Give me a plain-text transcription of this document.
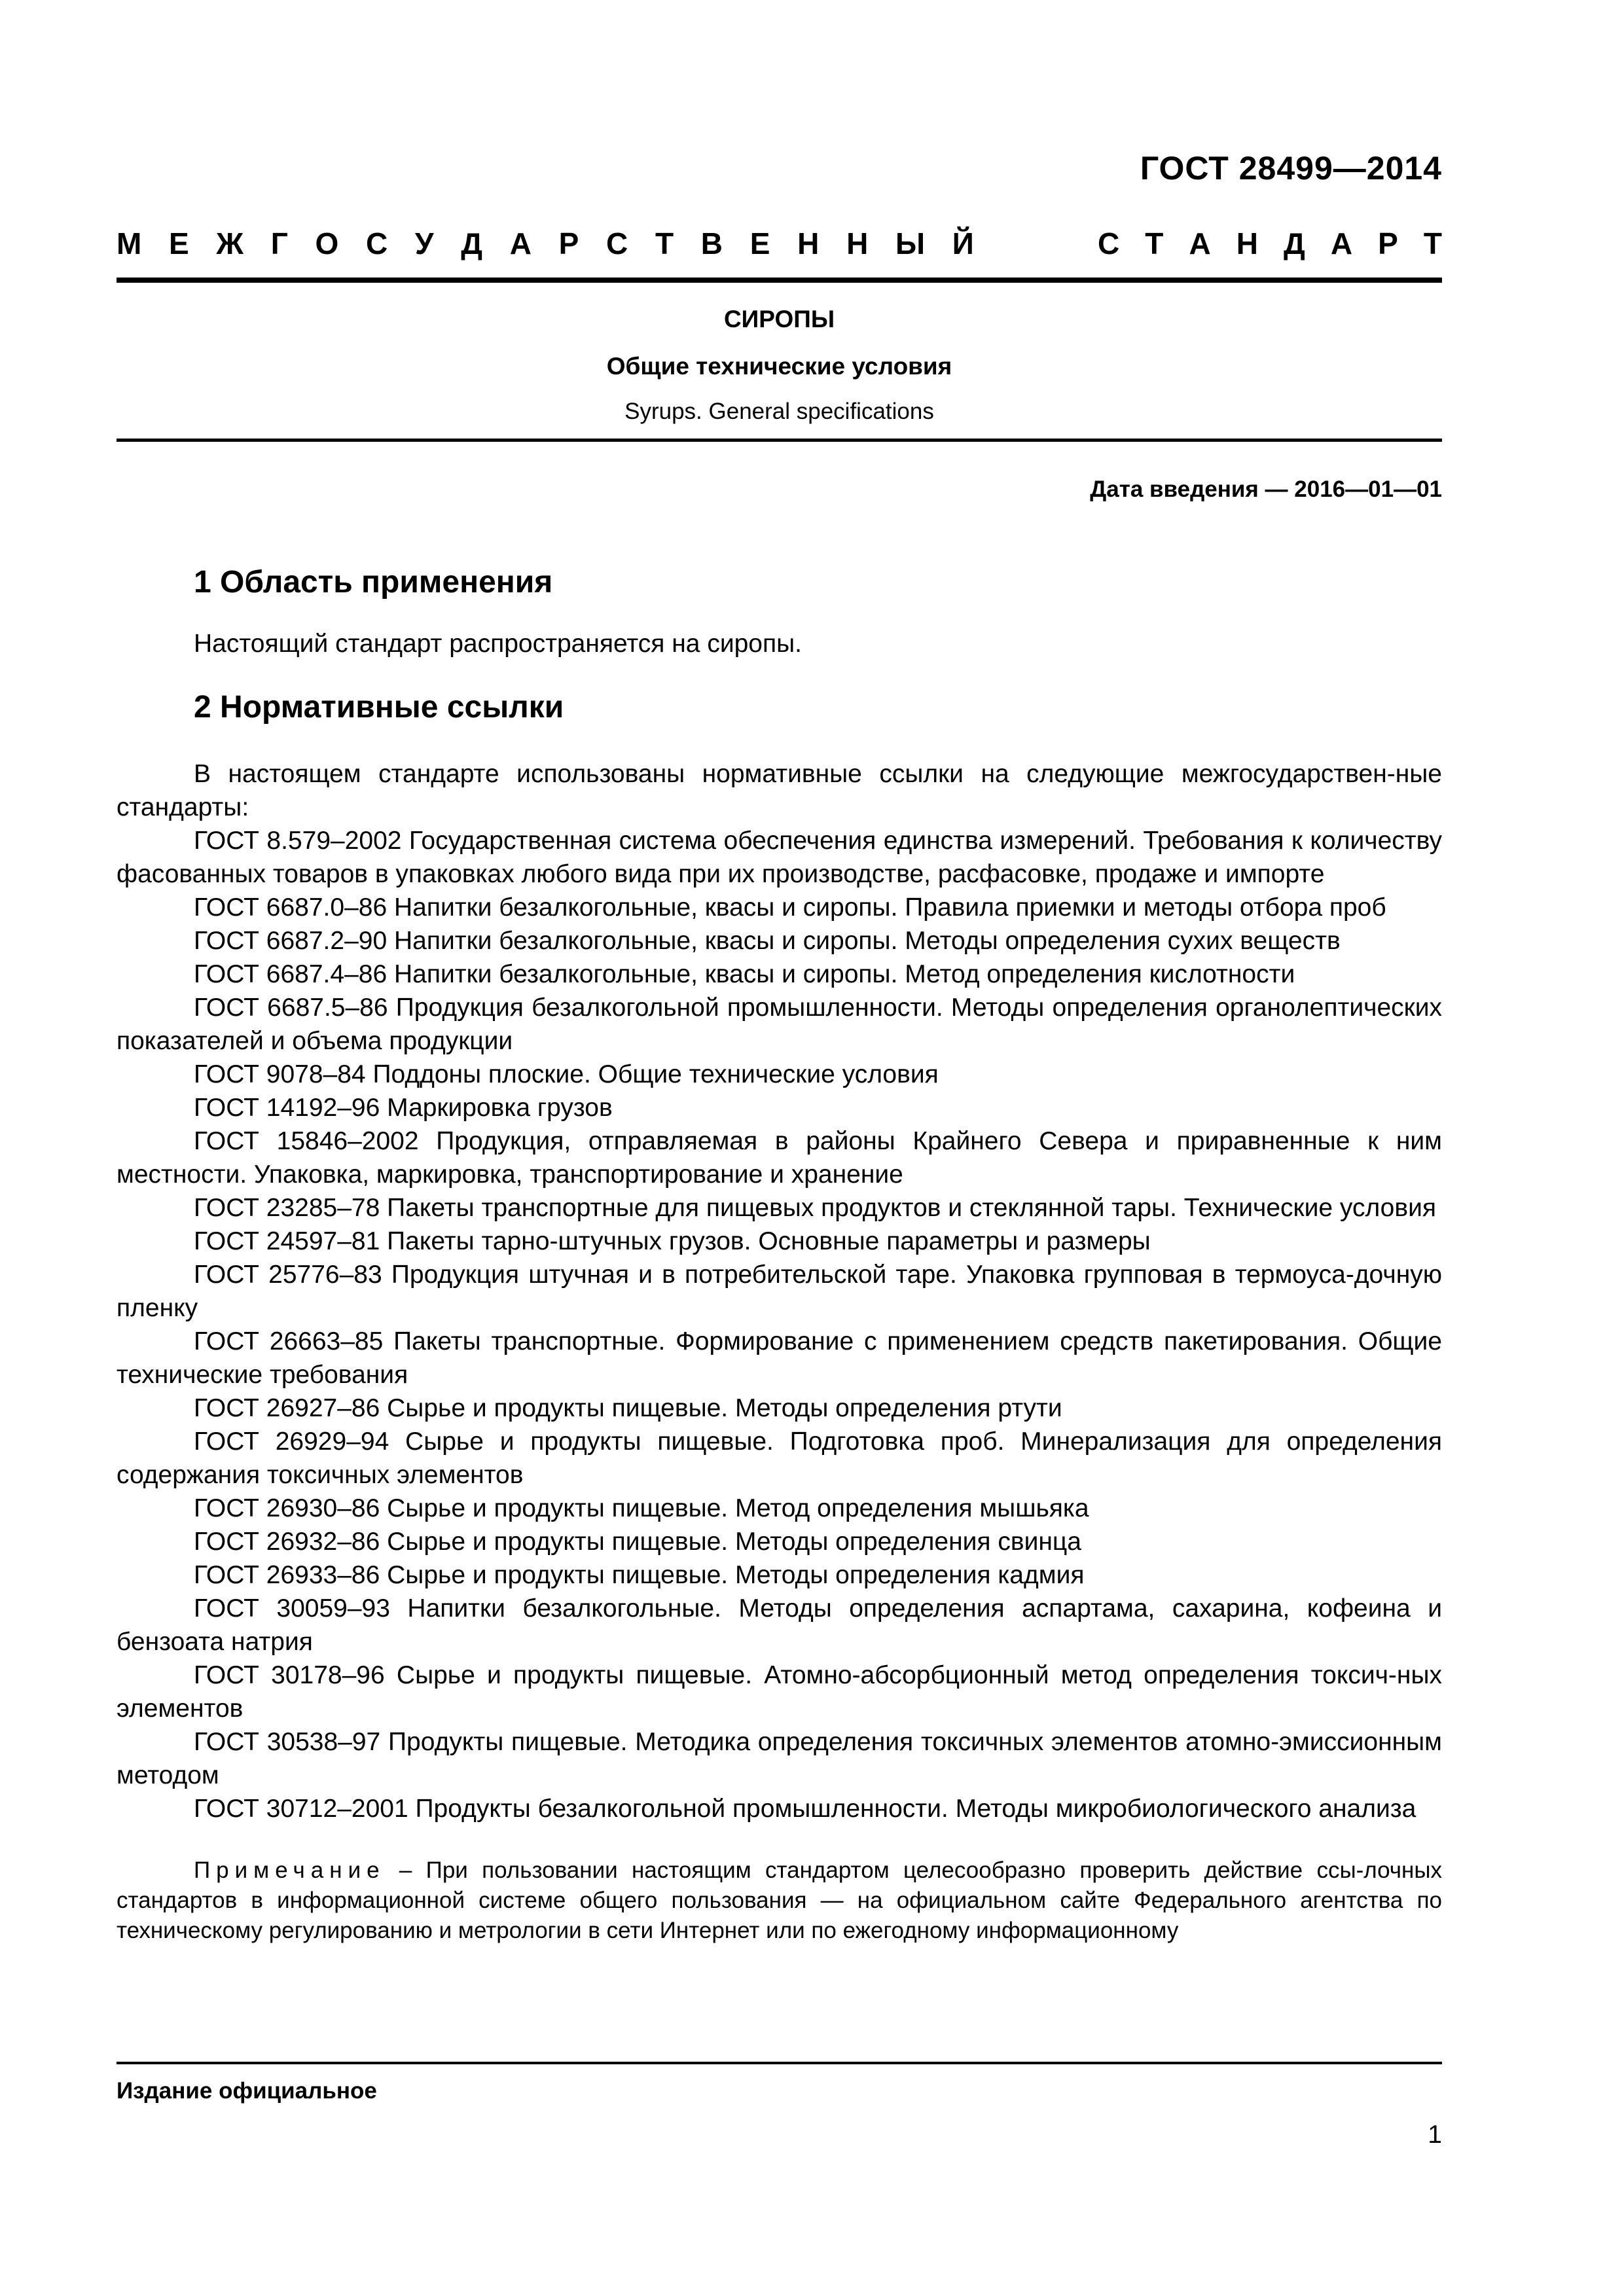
ГОСТ 28499—2014
М Е Ж Г О С У Д А Р С Т В Е Н Н Ы Й	С Т А Н Д А Р Т

СИРОПЫ

Общие технические условия

Syrups. General specifications

Дата введения — 2016—01—01
1 Область применения

Настоящий стандарт распространяется на сиропы.

2 Нормативные ссылки

В настоящем стандарте использованы нормативные ссылки на следующие межгосударствен-ные стандарты:

ГОСТ 8.579–2002 Государственная система обеспечения единства измерений. Требования к количеству фасованных товаров в упаковках любого вида при их производстве, расфасовке, продаже и импорте
ГОСТ 6687.0–86 Напитки безалкогольные, квасы и сиропы. Правила приемки и методы отбора проб
ГОСТ 6687.2–90 Напитки безалкогольные, квасы и сиропы. Методы определения сухих веществ
ГОСТ 6687.4–86 Напитки безалкогольные, квасы и сиропы. Метод определения кислотности
ГОСТ 6687.5–86 Продукция безалкогольной промышленности. Методы определения органолептических показателей и объема продукции
ГОСТ 9078–84 Поддоны плоские. Общие технические условия
ГОСТ 14192–96 Маркировка грузов
ГОСТ 15846–2002 Продукция, отправляемая в районы Крайнего Севера и приравненные к ним местности. Упаковка, маркировка, транспортирование и хранение
ГОСТ 23285–78 Пакеты транспортные для пищевых продуктов и стеклянной тары. Технические условия
ГОСТ 24597–81 Пакеты тарно-штучных грузов. Основные параметры и размеры
ГОСТ 25776–83 Продукция штучная и в потребительской таре. Упаковка групповая в термоуса-дочную пленку
ГОСТ 26663–85 Пакеты транспортные. Формирование с применением средств пакетирования. Общие технические требования
ГОСТ 26927–86 Сырье и продукты пищевые. Методы определения ртути
ГОСТ 26929–94 Сырье и продукты пищевые. Подготовка проб. Минерализация для определения содержания токсичных элементов
ГОСТ 26930–86 Сырье и продукты пищевые. Метод определения мышьяка
ГОСТ 26932–86 Сырье и продукты пищевые. Методы определения свинца
ГОСТ 26933–86 Сырье и продукты пищевые. Методы определения кадмия
ГОСТ 30059–93 Напитки безалкогольные. Методы определения аспартама, сахарина, кофеина и бензоата натрия
ГОСТ 30178–96 Сырье и продукты пищевые. Атомно-абсорбционный метод определения токсич-ных элементов
ГОСТ 30538–97 Продукты пищевые. Методика определения токсичных элементов атомно-эмиссионным методом
ГОСТ 30712–2001 Продукты безалкогольной промышленности. Методы микробиологического анализа

Примечание – При пользовании настоящим стандартом целесообразно проверить действие ссы-лочных стандартов в информационной системе общего пользования — на официальном сайте Федерального агентства по техническому регулированию и метрологии в сети Интернет или по ежегодному информационному

Издание официальное
1
